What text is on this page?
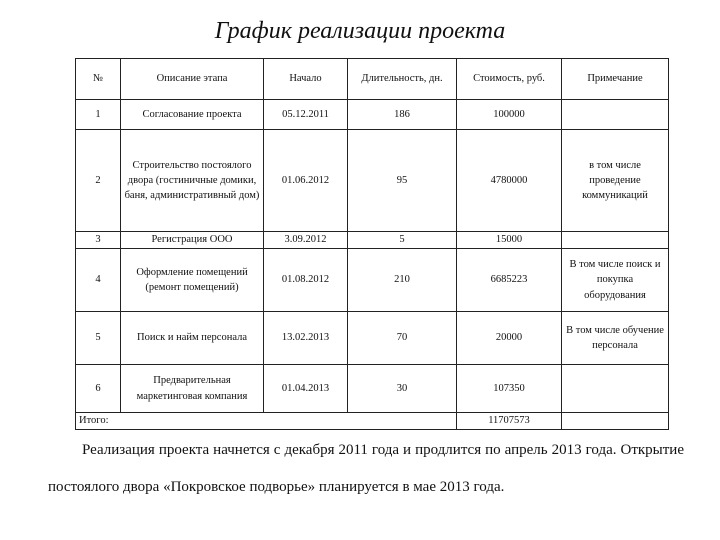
График реализации проекта
№	Описание этапа	Начало	Длительность, дн.	Стоимость, руб.	Примечание
1	Согласование проекта	05.12.2011	186	100000	
2	Строительство постоялого двора (гостиничные домики, баня, административный дом)	01.06.2012	95	4780000	в том числе проведение коммуникаций
3	Регистрация ООО	3.09.2012	5	15000	
4	Оформление помещений (ремонт помещений)	01.08.2012	210	6685223	В том числе поиск и покупка оборудования
5	Поиск и найм персонала	13.02.2013	70	20000	В том числе обучение персонала
6	Предварительная маркетинговая компания	01.04.2013	30	107350	
Итого:				11707573	

Реализация проекта начнется с декабря 2011 года и продлится по апрель 2013 года. Открытие постоялого двора «Покровское подворье» планируется в мае 2013 года.
